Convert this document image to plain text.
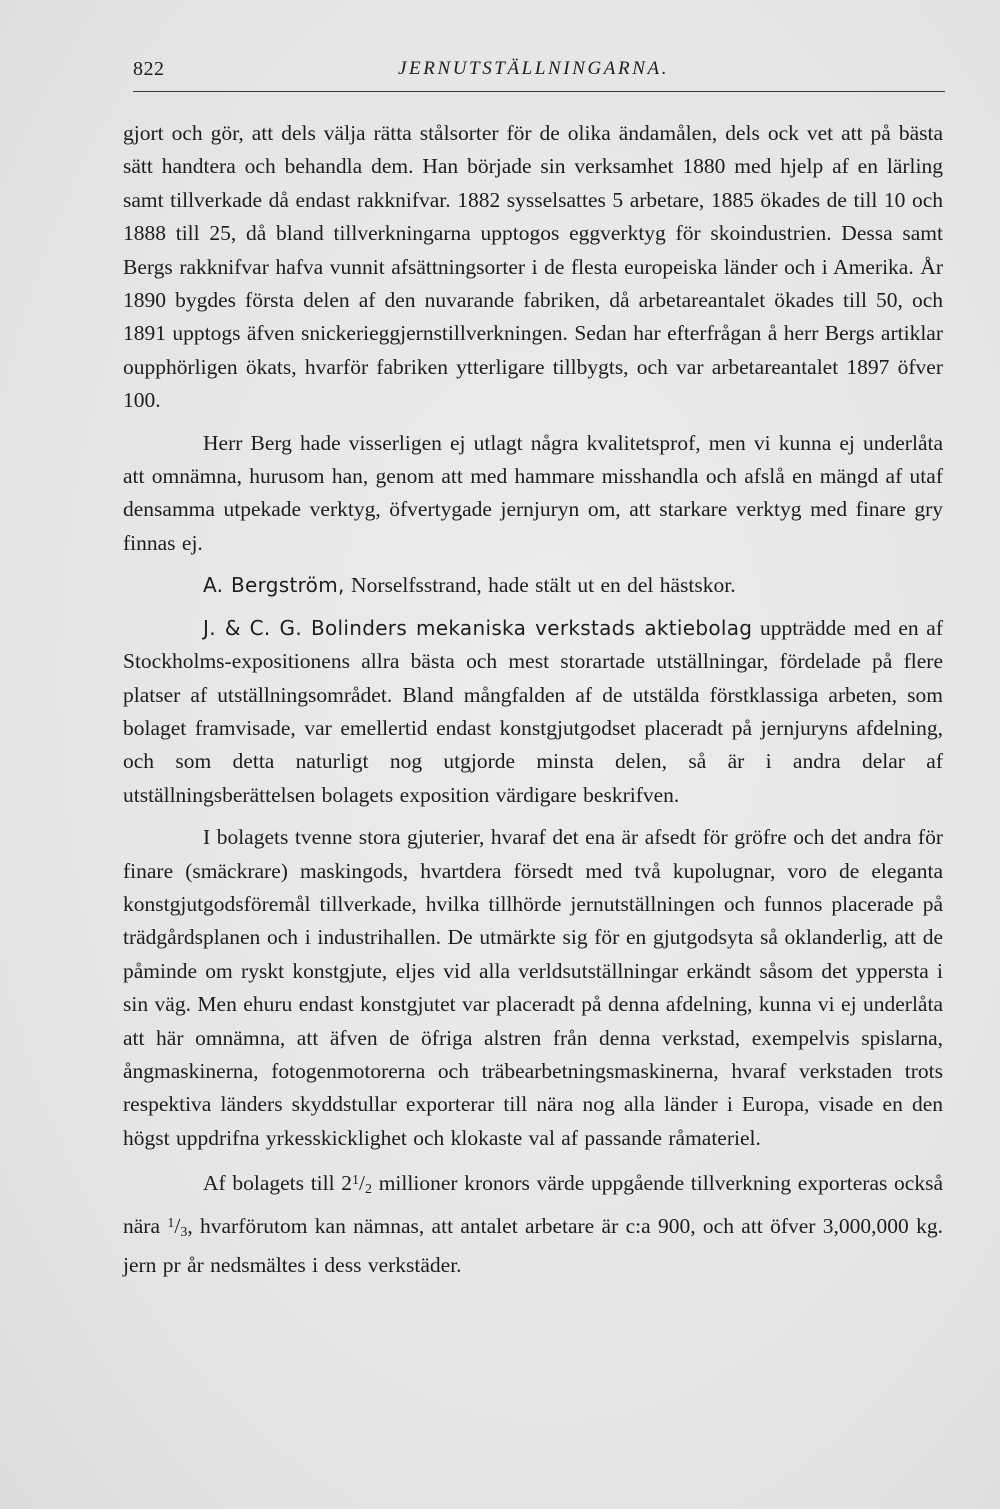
822	JERNUTSTÄLLNINGARNA.

gjort och gör, att dels välja rätta stålsorter för de olika ändamålen, dels ock vet att på bästa sätt handtera och behandla dem. Han började sin verksamhet 1880 med hjelp af en lärling samt tillverkade då endast rakknifvar. 1882 sysselsattes 5 arbetare, 1885 ökades de till 10 och 1888 till 25, då bland tillverkningarna upptogos eggverktyg för skoindustrien. Dessa samt Bergs rakknifvar hafva vunnit afsättningsorter i de flesta europeiska länder och i Amerika. År 1890 bygdes första delen af den nuvarande fabriken, då arbetareantalet ökades till 50, och 1891 upptogs äfven snickerieggjernstillverkningen. Sedan har efterfrågan å herr Bergs artiklar oupphörligen ökats, hvarför fabriken ytterligare tillbygts, och var arbetareantalet 1897 öfver 100.

Herr Berg hade visserligen ej utlagt några kvalitetsprof, men vi kunna ej underlåta att omnämna, hurusom han, genom att med hammare misshandla och afslå en mängd af utaf densamma utpekade verktyg, öfvertygade jernjuryn om, att starkare verktyg med finare gry finnas ej.

A. Bergström, Norselfsstrand, hade stält ut en del hästskor.

J. & C. G. Bolinders mekaniska verkstads aktiebolag uppträdde med en af Stockholms-expositionens allra bästa och mest storartade utställningar, fördelade på flere platser af utställningsområdet. Bland mångfalden af de utstälda förstklassiga arbeten, som bolaget framvisade, var emellertid endast konstgjutgodset placeradt på jernjuryns afdelning, och som detta naturligt nog utgjorde minsta delen, så är i andra delar af utställningsberättelsen bolagets exposition värdigare beskrifven.

I bolagets tvenne stora gjuterier, hvaraf det ena är afsedt för gröfre och det andra för finare (smäckrare) maskingods, hvartdera försedt med två kupolugnar, voro de eleganta konstgjutgodsföremål tillverkade, hvilka tillhörde jernutställningen och funnos placerade på trädgårdsplanen och i industrihallen. De utmärkte sig för en gjutgodsyta så oklanderlig, att de påminde om ryskt konstgjute, eljes vid alla verldsutställningar erkändt såsom det yppersta i sin väg. Men ehuru endast konstgjutet var placeradt på denna afdelning, kunna vi ej underlåta att här omnämna, att äfven de öfriga alstren från denna verkstad, exempelvis spislarna, ångmaskinerna, fotogenmotorerna och träbearbetningsmaskinerna, hvaraf verkstaden trots respektiva länders skyddstullar exporterar till nära nog alla länder i Europa, visade en den högst uppdrifna yrkesskicklighet och klokaste val af passande råmateriel.

Af bolagets till $2^1/2$ millioner kronors värde uppgående tillverkning exporteras också nära $^1$/3, hvarförutom kan nämnas, att antalet arbetare är c:a 900, och att öfver 3,000,000 kg. jern pr år nedsmältes i dess verkstäder.
